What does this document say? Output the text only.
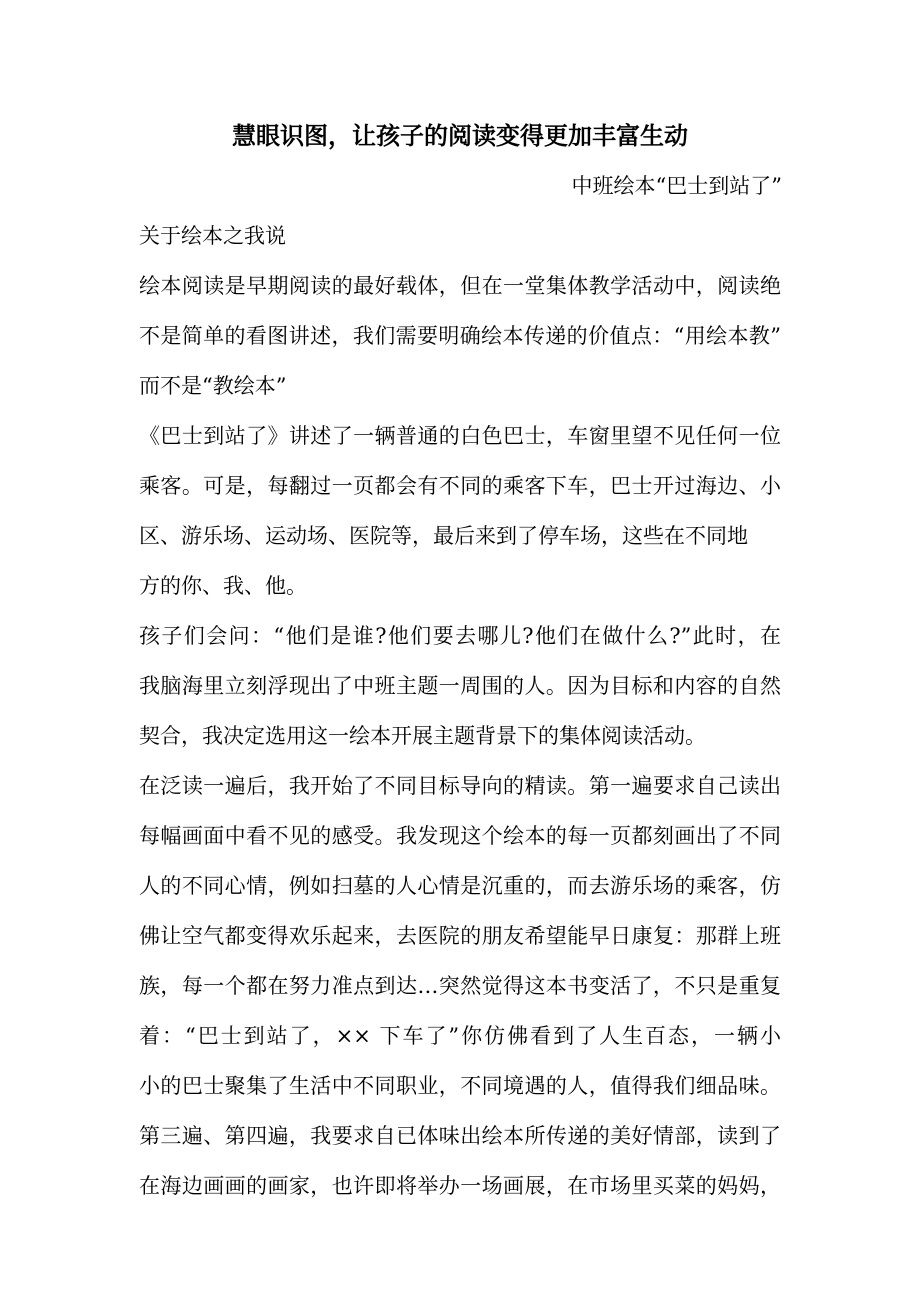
慧眼识图，让孩子的阅读变得更加丰富生动
中班绘本“巴士到站了”
关于绘本之我说
绘本阅读是早期阅读的最好载体，但在一堂集体教学活动中，阅读绝
不是简单的看图讲述，我们需要明确绘本传递的价值点：“用绘本教”
而不是“教绘本”
《巴士到站了》讲述了一辆普通的白色巴士，车窗里望不见任何一位
乘客。可是，每翻过一页都会有不同的乘客下车，巴士开过海边、小
区、游乐场、运动场、医院等，最后来到了停车场，这些在不同地
方的你、我、他。
孩子们会问：“他们是谁?他们要去哪儿?他们在做什么?”此时，在
我脑海里立刻浮现出了中班主题一周围的人。因为目标和内容的自然
契合，我决定选用这一绘本开展主题背景下的集体阅读活动。
在泛读一遍后，我开始了不同目标导向的精读。第一遍要求自己读出
每幅画面中看不见的感受。我发现这个绘本的每一页都刻画出了不同
人的不同心情，例如扫墓的人心情是沉重的，而去游乐场的乘客，仿
佛让空气都变得欢乐起来，去医院的朋友希望能早日康复：那群上班
族，每一个都在努力准点到达…突然觉得这本书变活了，不只是重复
着：“巴士到站了，×× 下车了”你仿佛看到了人生百态，一辆小
小的巴士聚集了生活中不同职业，不同境遇的人，值得我们细品味。
第三遍、第四遍，我要求自已体味出绘本所传递的美好情部，读到了
在海边画画的画家，也许即将举办一场画展，在市场里买菜的妈妈，
